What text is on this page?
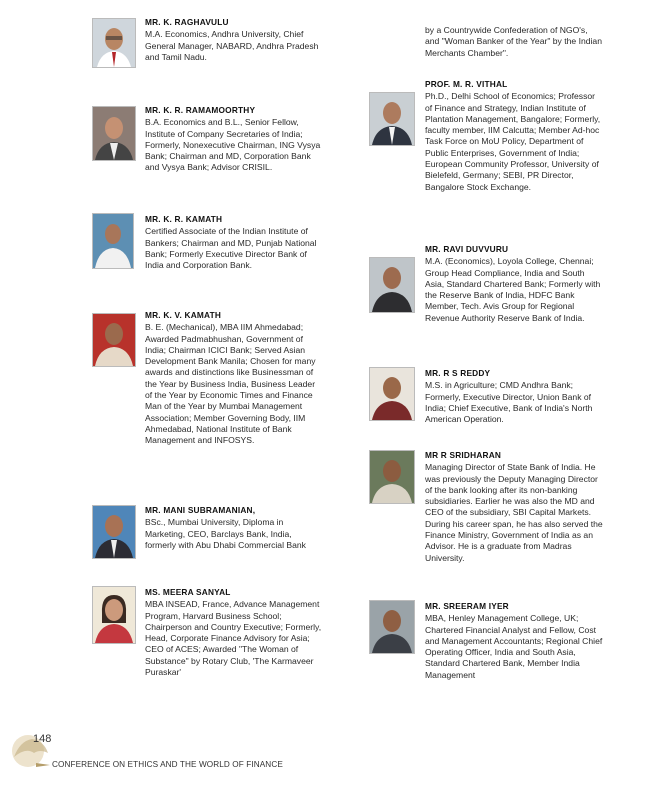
MR. K. RAGHAVULU
M.A. Economics, Andhra University, Chief General Manager, NABARD, Andhra Pradesh and Tamil Nadu.
MR. K. R. RAMAMOORTHY
B.A. Economics and B.L., Senior Fellow, Institute of Company Secretaries of India; Formerly, Nonexecutive Chairman, ING Vysya Bank; Chairman and MD, Corporation Bank and Vysya Bank; Advisor CRISIL.
MR. K. R. KAMATH
Certified Associate of the Indian Institute of Bankers; Chairman and MD, Punjab National Bank; Formerly Executive Director Bank of India and Corporation Bank.
MR. K. V. KAMATH
B. E. (Mechanical), MBA IIM Ahmedabad; Awarded Padmabhushan, Government of India; Chairman ICICI Bank; Served Asian Development Bank Manila; Chosen for many awards and distinctions like Businessman of the Year by Business India, Business Leader of the Year by Economic Times and Finance Man of the Year by Mumbai Management Association; Member Governing Body, IIM Ahmedabad, National Institute of Bank Management and INFOSYS.
MR. MANI SUBRAMANIAN,
BSc., Mumbai University, Diploma in Marketing, CEO, Barclays Bank, India, formerly with Abu Dhabi Commercial Bank
MS. MEERA SANYAL
MBA INSEAD, France, Advance Management Program, Harvard Business School; Chairperson and Country Executive; Formerly, Head, Corporate Finance Advisory for Asia; CEO of ACES; Awarded "The Woman of Substance" by Rotary Club, 'The Karmaveer Puraskar'
by a Countrywide Confederation of NGO's, and "Woman Banker of the Year" by the Indian Merchants Chamber".
PROF. M. R. VITHAL
Ph.D., Delhi School of Economics; Professor of Finance and Strategy, Indian Institute of Plantation Management, Bangalore; Formerly, faculty member, IIM Calcutta; Member Ad-hoc Task Force on MoU Policy, Department of Public Enterprises, Government of India; European Community Professor, University of Bielefeld, Germany; SEBI, PR Director, Bangalore Stock Exchange.
MR. RAVI DUVVURU
M.A. (Economics), Loyola College, Chennai; Group Head Compliance, India and South Asia, Standard Chartered Bank; Formerly with the Reserve Bank of India, HDFC Bank Member, Tech. Avis Group for Regional Revenue Authority Reserve Bank of India.
MR. R S REDDY
M.S. in Agriculture; CMD Andhra Bank; Formerly, Executive Director, Union Bank of India; Chief Executive, Bank of India's North American Operation.
MR R SRIDHARAN
Managing Director of State Bank of India. He was previously the Deputy Managing Director of the bank looking after its non-banking subsidiaries. Earlier he was also the MD and CEO of the subsidiary, SBI Capital Markets. During his career span, he has also served the Finance Ministry, Government of India as an Advisor. He is a graduate from Madras University.
MR. SREERAM IYER
MBA, Henley Management College, UK; Chartered Financial Analyst and Fellow, Cost and Management Accountants; Regional Chief Operating Officer, India and South Asia, Standard Chartered Bank, Member India Management
148
CONFERENCE ON ETHICS AND THE WORLD OF FINANCE
